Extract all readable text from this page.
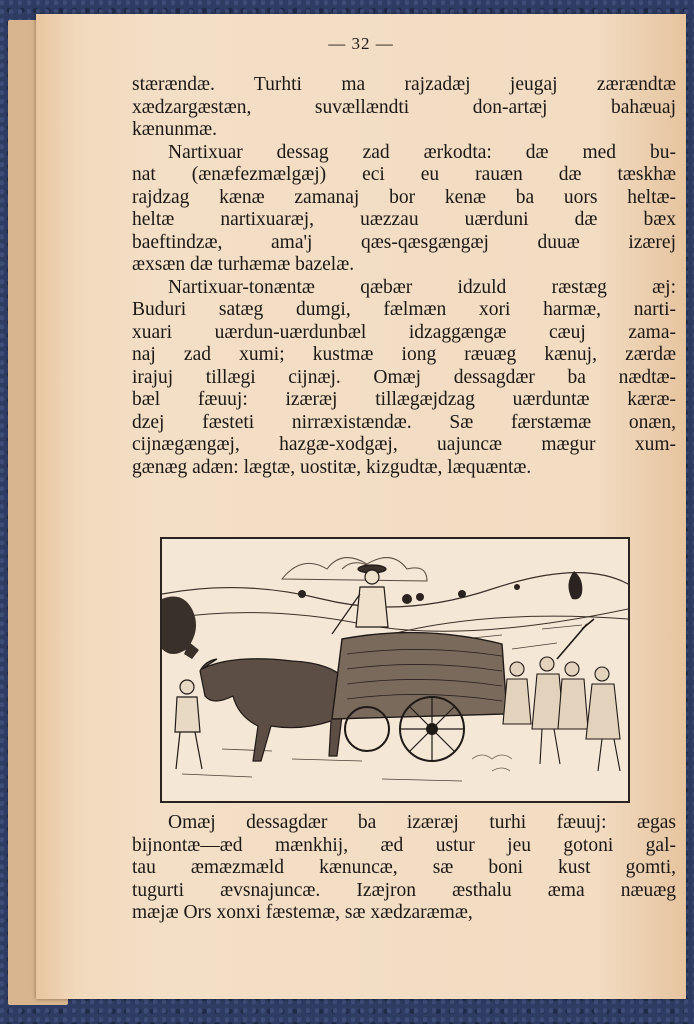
— 32 —
stærændæ. Turhti ma rajzadæj jeugaj zærændtæ
xædzargæstæn, suvællændti don-artæj bahæuaj
kænunmæ.
Nartixuar dessag zad ærkodta: dæ med bu-
nat (ænæfezmælgæj) eci eu rauæn dæ tæskhæ
rajdzag kænæ zamanaj bor kenæ ba uors heltæ-
heltæ nartixuaræj, uæzzau uærduni dæ bæx
baeftindzæ, ama'j qæs-qæsgængæj duuæ izærej
æxsæn dæ turhæmæ bazelæ.
Nartixuar-tonæntæ qæbær idzuld ræstæg æj:
Buduri satæg dumgi, fælmæn xori harmæ, narti-
xuari uærdun-uærdunbæl idzaggængæ cæuj zama-
naj zad xumi; kustmæ iong ræuæg kænuj, zærdæ
irajuj tillægi cijnæj. Omæj dessagdær ba nædtæ-
bæl fæuuj: izæræj tillægæjdzag uærduntæ kæræ-
dzej fæsteti nirræxistændæ. Sæ færstæmæ onæn,
cijnægængæj, hazgæ-xodgæj, uajuncæ mægur xum-
gænæg adæn: lægtæ, uostitæ, kizgudtæ, læquæntæ.
Omæj dessagdær ba izæræj turhi fæuuj: ægas
bijnontæ—æd mænkhij, æd ustur jeu gotoni gal-
tau æmæzmæld kænuncæ, sæ boni kust gomti,
tugurti ævsnajuncæ. Izæjron æsthalu æma næuæg
mæjæ Ors xonxi fæstemæ, sæ xædzaræmæ,
